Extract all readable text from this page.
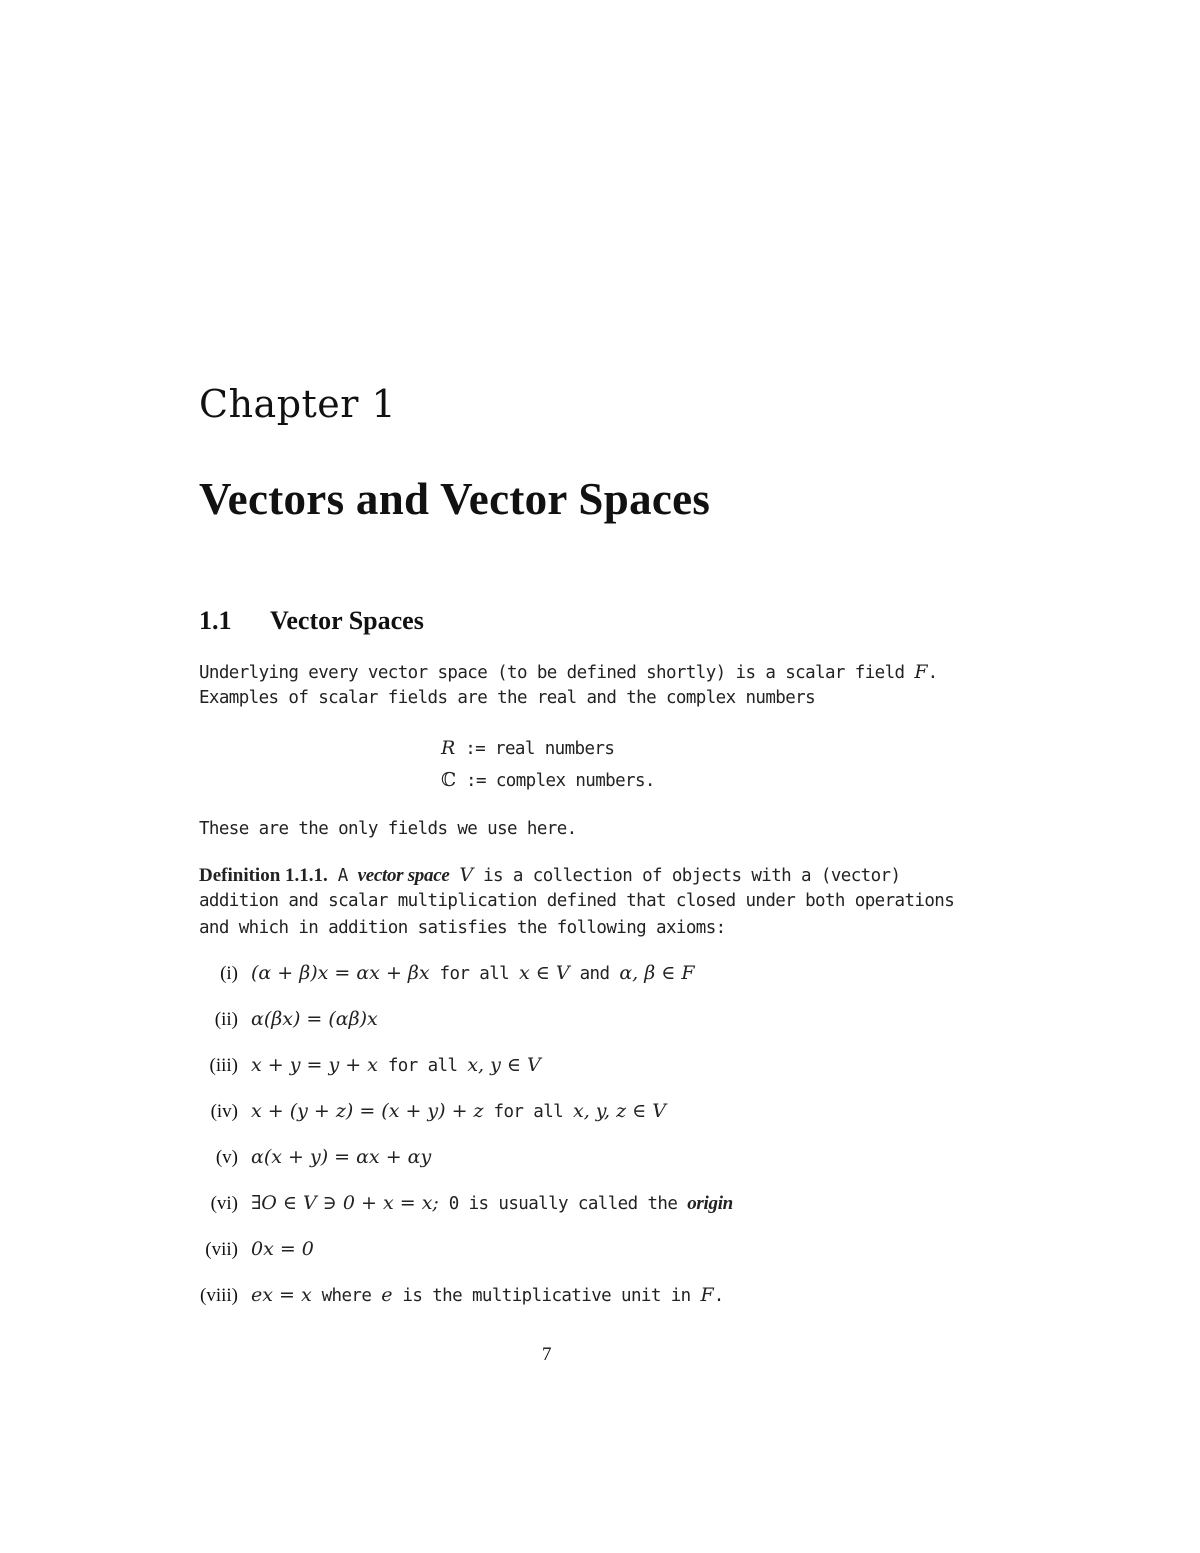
Chapter 1
Vectors and Vector Spaces
1.1 Vector Spaces
Underlying every vector space (to be defined shortly) is a scalar field F.
Examples of scalar fields are the real and the complex numbers
R := real numbers
ℂ := complex numbers.
These are the only fields we use here.
Definition 1.1.1. A vector space V is a collection of objects with a (vector)
addition and scalar multiplication defined that closed under both operations
and which in addition satisfies the following axioms:
(i) (α + β)x = αx + βx for all x ∈ V and α, β ∈ F
(ii) α(βx) = (αβ)x
(iii) x + y = y + x for all x, y ∈ V
(iv) x + (y + z) = (x + y) + z for all x, y, z ∈ V
(v) α(x + y) = αx + αy
(vi) ∃O ∈ V ∋ 0 + x = x; 0 is usually called the origin
(vii) 0x = 0
(viii) ex = x where e is the multiplicative unit in F.
7
